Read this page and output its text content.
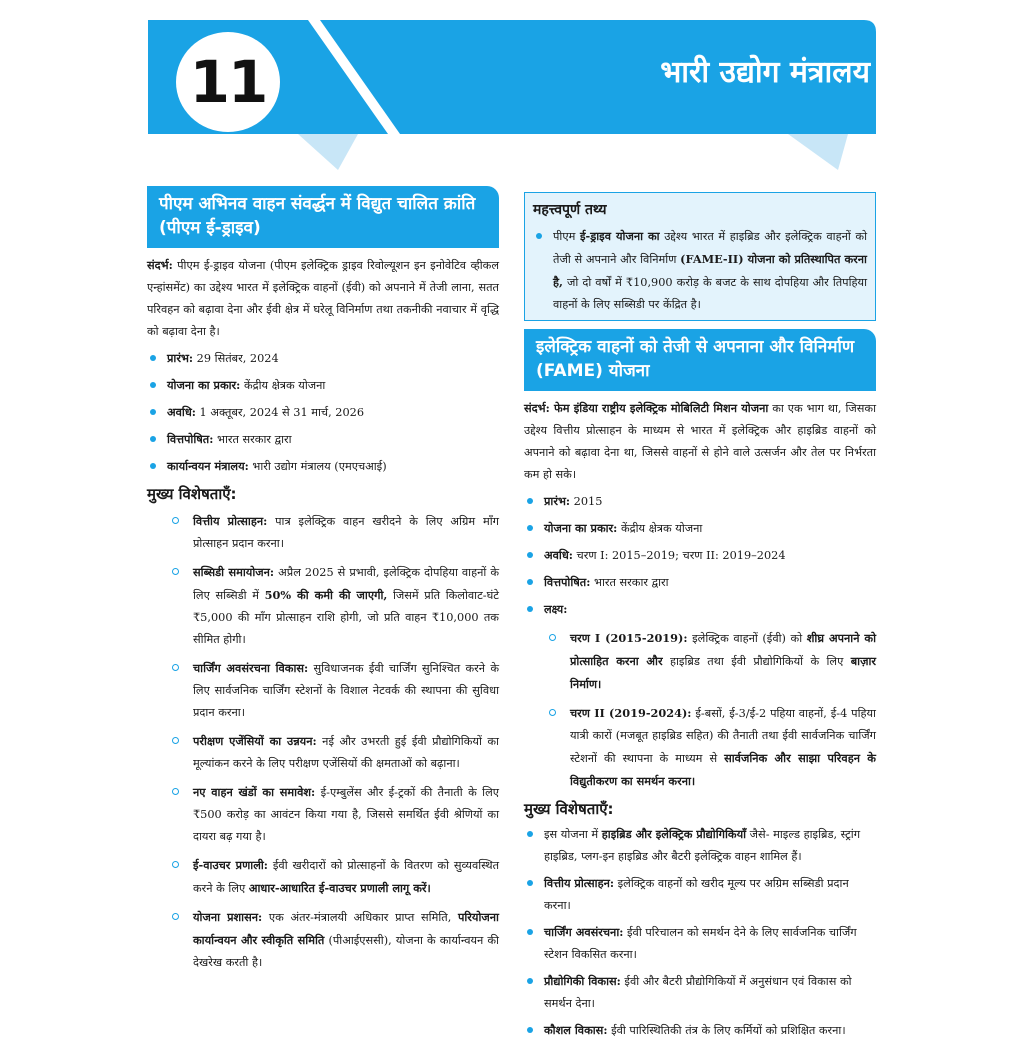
11	भारी उद्योग मंत्रालय
पीएम अभिनव वाहन संवर्द्धन में विद्युत चालित क्रांति (पीएम ई-ड्राइव)

संदर्भ: पीएम ई-ड्राइव योजना (पीएम इलेक्ट्रिक ड्राइव रिवोल्यूशन इन इनोवेटिव व्हीकल एन्हांसमेंट) का उद्देश्य भारत में इलेक्ट्रिक वाहनों (ईवी) को अपनाने में तेजी लाना, सतत परिवहन को बढ़ावा देना और ईवी क्षेत्र में घरेलू विनिर्माण तथा तकनीकी नवाचार में वृद्धि को बढ़ावा देना है।

प्रारंभ: 29 सितंबर, 2024
योजना का प्रकार: केंद्रीय क्षेत्रक योजना
अवधि: 1 अक्तूबर, 2024 से 31 मार्च, 2026
वित्तपोषित: भारत सरकार द्वारा
कार्यान्वयन मंत्रालय: भारी उद्योग मंत्रालय (एमएचआई)
मुख्य विशेषताएँ:
वित्तीय प्रोत्साहन: पात्र इलेक्ट्रिक वाहन खरीदने के लिए अग्रिम माँग प्रोत्साहन प्रदान करना।
सब्सिडी समायोजन: अप्रैल 2025 से प्रभावी, इलेक्ट्रिक दोपहिया वाहनों के लिए सब्सिडी में 50% की कमी की जाएगी, जिसमें प्रति किलोवाट-घंटे ₹5,000 की माँग प्रोत्साहन राशि होगी, जो प्रति वाहन ₹10,000 तक सीमित होगी।
चार्जिंग अवसंरचना विकास: सुविधाजनक ईवी चार्जिंग सुनिश्चित करने के लिए सार्वजनिक चार्जिंग स्टेशनों के विशाल नेटवर्क की स्थापना की सुविधा प्रदान करना।
परीक्षण एजेंसियों का उन्नयन: नई और उभरती हुई ईवी प्रौद्योगिकियों का मूल्यांकन करने के लिए परीक्षण एजेंसियों की क्षमताओं को बढ़ाना।
नए वाहन खंडों का समावेश: ई-एम्बुलेंस और ई-ट्रकों की तैनाती के लिए ₹500 करोड़ का आवंटन किया गया है, जिससे समर्थित ईवी श्रेणियों का दायरा बढ़ गया है।
ई-वाउचर प्रणाली: ईवी खरीदारों को प्रोत्साहनों के वितरण को सुव्यवस्थित करने के लिए आधार-आधारित ई-वाउचर प्रणाली लागू करें।
योजना प्रशासन: एक अंतर-मंत्रालयी अधिकार प्राप्त समिति, परियोजना कार्यान्वयन और स्वीकृति समिति (पीआईएससी), योजना के कार्यान्वयन की देखरेख करती है।
महत्त्वपूर्ण तथ्य
पीएम ई-ड्राइव योजना का उद्देश्य भारत में हाइब्रिड और इलेक्ट्रिक वाहनों को तेजी से अपनाने और विनिर्माण (FAME-II) योजना को प्रतिस्थापित करना है, जो दो वर्षों में ₹10,900 करोड़ के बजट के साथ दोपहिया और तिपहिया वाहनों के लिए सब्सिडी पर केंद्रित है।
इलेक्ट्रिक वाहनों को तेजी से अपनाना और विनिर्माण (FAME) योजना

संदर्भ: फेम इंडिया राष्ट्रीय इलेक्ट्रिक मोबिलिटी मिशन योजना का एक भाग था, जिसका उद्देश्य वित्तीय प्रोत्साहन के माध्यम से भारत में इलेक्ट्रिक और हाइब्रिड वाहनों को अपनाने को बढ़ावा देना था, जिससे वाहनों से होने वाले उत्सर्जन और तेल पर निर्भरता कम हो सके।

प्रारंभ: 2015
योजना का प्रकार: केंद्रीय क्षेत्रक योजना
अवधि: चरण I: 2015–2019; चरण II: 2019–2024
वित्तपोषित: भारत सरकार द्वारा
लक्ष्य:
चरण I (2015-2019): इलेक्ट्रिक वाहनों (ईवी) को शीघ्र अपनाने को प्रोत्साहित करना और हाइब्रिड तथा ईवी प्रौद्योगिकियों के लिए बाज़ार निर्माण।
चरण II (2019-2024): ई-बसों, ई-3/ई-2 पहिया वाहनों, ई-4 पहिया यात्री कारों (मजबूत हाइब्रिड सहित) की तैनाती तथा ईवी सार्वजनिक चार्जिंग स्टेशनों की स्थापना के माध्यम से सार्वजनिक और साझा परिवहन के विद्युतीकरण का समर्थन करना।
मुख्य विशेषताएँ:
इस योजना में हाइब्रिड और इलेक्ट्रिक प्रौद्योगिकियाँ जैसे- माइल्ड हाइब्रिड, स्ट्रांग हाइब्रिड, प्लग-इन हाइब्रिड और बैटरी इलेक्ट्रिक वाहन शामिल हैं।
वित्तीय प्रोत्साहन: इलेक्ट्रिक वाहनों को खरीद मूल्य पर अग्रिम सब्सिडी प्रदान करना।
चार्जिंग अवसंरचना: ईवी परिचालन को समर्थन देने के लिए सार्वजनिक चार्जिंग स्टेशन विकसित करना।
प्रौद्योगिकी विकास: ईवी और बैटरी प्रौद्योगिकियों में अनुसंधान एवं विकास को समर्थन देना।
कौशल विकास: ईवी पारिस्थितिकी तंत्र के लिए कर्मियों को प्रशिक्षित करना।
